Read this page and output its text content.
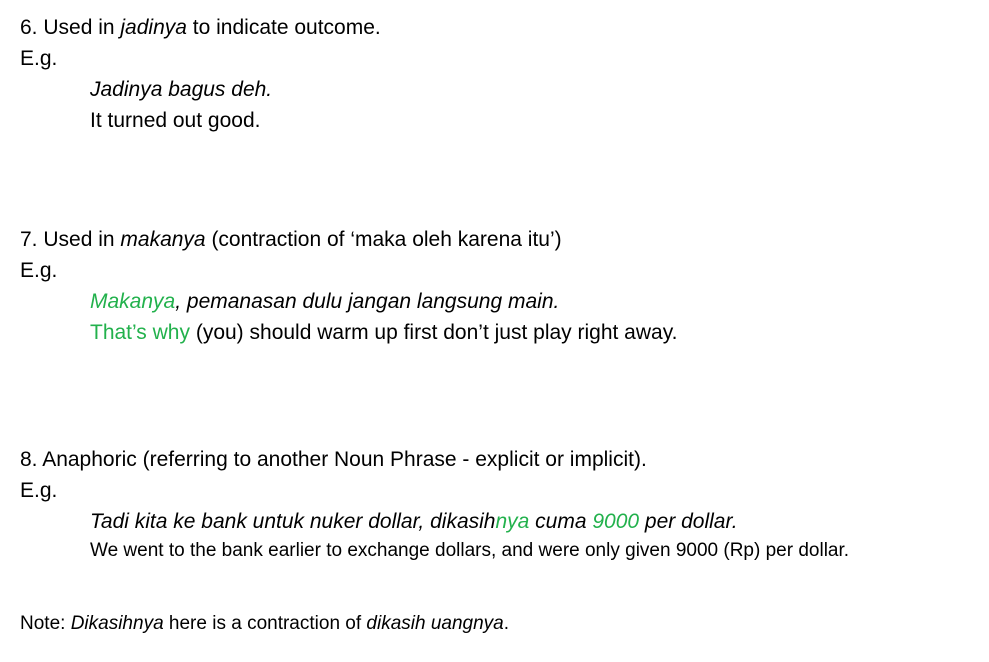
6. Used in jadinya to indicate outcome.
E.g.
Jadinya bagus deh.
It turned out good.
7. Used in makanya (contraction of ‘maka oleh karena itu’)
E.g.
Makanya, pemanasan dulu jangan langsung main.
That’s why (you) should warm up first don’t just play right away.
8. Anaphoric (referring to another Noun Phrase - explicit or implicit).
E.g.
Tadi kita ke bank untuk nuker dollar, dikasihnya cuma 9000 per dollar.
We went to the bank earlier to exchange dollars, and were only given 9000 (Rp) per dollar.
Note: Dikasihnya here is a contraction of dikasih uangnya.
